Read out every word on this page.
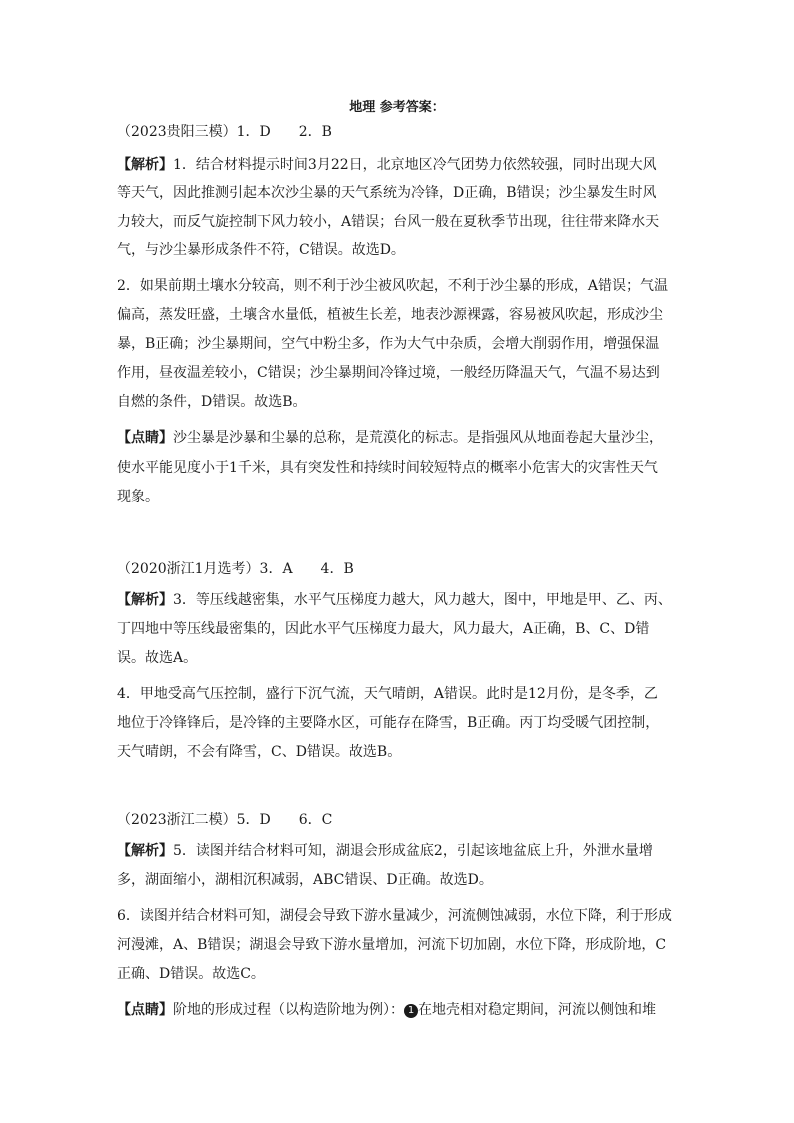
地理 参考答案：
（2023贵阳三模）1．D　　2．B
【解析】1．结合材料提示时间3月22日，北京地区冷气团势力依然较强，同时出现大风
等天气，因此推测引起本次沙尘暴的天气系统为冷锋，D正确，B错误；沙尘暴发生时风
力较大，而反气旋控制下风力较小，A错误；台风一般在夏秋季节出现，往往带来降水天
气，与沙尘暴形成条件不符，C错误。故选D。
2．如果前期土壤水分较高，则不利于沙尘被风吹起，不利于沙尘暴的形成，A错误；气温
偏高，蒸发旺盛，土壤含水量低，植被生长差，地表沙源裸露，容易被风吹起，形成沙尘
暴，B正确；沙尘暴期间，空气中粉尘多，作为大气中杂质，会增大削弱作用，增强保温
作用，昼夜温差较小，C错误；沙尘暴期间冷锋过境，一般经历降温天气，气温不易达到
自燃的条件，D错误。故选B。
【点睛】沙尘暴是沙暴和尘暴的总称，是荒漠化的标志。是指强风从地面卷起大量沙尘，
使水平能见度小于1千米，具有突发性和持续时间较短特点的概率小危害大的灾害性天气
现象。
（2020浙江1月选考）3．A　　4．B
【解析】3．等压线越密集，水平气压梯度力越大，风力越大，图中，甲地是甲、乙、丙、
丁四地中等压线最密集的，因此水平气压梯度力最大，风力最大，A正确，B、C、D错
误。故选A。
4．甲地受高气压控制，盛行下沉气流，天气晴朗，A错误。此时是12月份，是冬季，乙
地位于冷锋锋后，是冷锋的主要降水区，可能存在降雪，B正确。丙丁均受暖气团控制，
天气晴朗，不会有降雪，C、D错误。故选B。
（2023浙江二模）5．D　　6．C
【解析】5．读图并结合材料可知，湖退会形成盆底2，引起该地盆底上升，外泄水量增
多，湖面缩小，湖相沉积减弱，ABC错误、D正确。故选D。
6．读图并结合材料可知，湖侵会导致下游水量减少，河流侧蚀减弱，水位下降，利于形成
河漫滩，A、B错误；湖退会导致下游水量增加，河流下切加剧，水位下降，形成阶地，C
正确、D错误。故选C。
【点睛】阶地的形成过程（以构造阶地为例）： 1 在地壳相对稳定期间，河流以侧蚀和堆
